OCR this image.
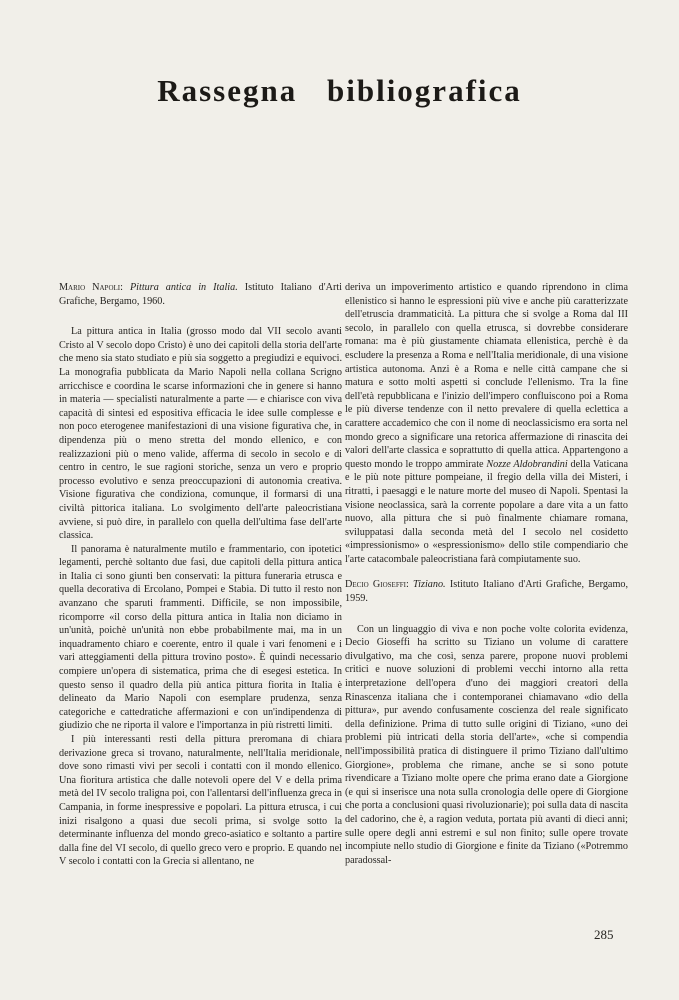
Rassegna bibliografica

Mario Napoli: Pittura antica in Italia. Istituto Italiano d'Arti Grafiche, Bergamo, 1960.

La pittura antica in Italia (grosso modo dal VII secolo avanti Cristo al V secolo dopo Cristo) è uno dei capitoli della storia dell'arte che meno sia stato studiato e più sia soggetto a pregiudizi e equivoci. La monografia pubblicata da Mario Napoli nella collana Scrigno arricchisce e coordina le scarse informazioni che in genere si hanno in materia — specialisti naturalmente a parte — e chiarisce con viva capacità di sintesi ed espositiva efficacia le idee sulle complesse e non poco eterogenee manifestazioni di una visione figurativa che, in dipendenza più o meno stretta del mondo ellenico, e con realizzazioni più o meno valide, afferma di secolo in secolo e di centro in centro, le sue ragioni storiche, senza un vero e proprio processo evolutivo e senza preoccupazioni di autonomia creativa. Visione figurativa che condiziona, comunque, il formarsi di una civiltà pittorica italiana. Lo svolgimento dell'arte paleocristiana avviene, si può dire, in parallelo con quella dell'ultima fase dell'arte classica.

Il panorama è naturalmente mutilo e frammentario, con ipotetici legamenti, perchè soltanto due fasi, due capitoli della pittura antica in Italia ci sono giunti ben conservati: la pittura funeraria etrusca e quella decorativa di Ercolano, Pompei e Stabia. Di tutto il resto non avanzano che sparuti frammenti. Difficile, se non impossibile, ricomporre «il corso della pittura antica in Italia non diciamo in un'unità, poichè un'unità non ebbe probabilmente mai, ma in un inquadramento chiaro e coerente, entro il quale i vari fenomeni e i vari atteggiamenti della pittura trovino posto». È quindi necessario compiere un'opera di sistematica, prima che di esegesi estetica. In questo senso il quadro della più antica pittura fiorita in Italia è delineato da Mario Napoli con esemplare prudenza, senza categoriche e cattedratiche affermazioni e con un'indipendenza di giudizio che ne riporta il valore e l'importanza in più ristretti limiti.

I più interessanti resti della pittura preromana di chiara derivazione greca si trovano, naturalmente, nell'Italia meridionale, dove sono rimasti vivi per secoli i contatti con il mondo ellenico. Una fioritura artistica che dalle notevoli opere del V e della prima metà del IV secolo traligna poi, con l'allentarsi dell'influenza greca in Campania, in forme inespressive e popolari. La pittura etrusca, i cui inizi risalgono a quasi due secoli prima, si svolge sotto la determinante influenza del mondo greco-asiatico e soltanto a partire dalla fine del VI secolo, di quello greco vero e proprio. E quando nel V secolo i contatti con la Grecia si allentano, ne

deriva un impoverimento artistico e quando riprendono in clima ellenistico si hanno le espressioni più vive e anche più caratterizzate dell'etruscia drammaticità. La pittura che si svolge a Roma dal III secolo, in parallelo con quella etrusca, si dovrebbe considerare romana: ma è più giustamente chiamata ellenistica, perchè è da escludere la presenza a Roma e nell'Italia meridionale, di una visione artistica autonoma. Anzi è a Roma e nelle città campane che si matura e sotto molti aspetti si conclude l'ellenismo. Tra la fine dell'età repubblicana e l'inizio dell'impero confluiscono poi a Roma le più diverse tendenze con il netto prevalere di quella eclettica a carattere accademico che con il nome di neoclassicismo era sorta nel mondo greco a significare una retorica affermazione di rinascita dei valori dell'arte classica e soprattutto di quella attica. Appartengono a questo mondo le troppo ammirate Nozze Aldobrandini della Vaticana e le più note pitture pompeiane, il fregio della villa dei Misteri, i ritratti, i paesaggi e le nature morte del museo di Napoli. Spentasi la visione neoclassica, sarà la corrente popolare a dare vita a un fatto nuovo, alla pittura che si può finalmente chiamare romana, sviluppatasi dalla seconda metà del I secolo nel cosidetto «impressionismo» o «espressionismo» dello stile compendiario che l'arte catacombale paleocristiana farà compiutamente suo.

Decio Gioseffi: Tiziano. Istituto Italiano d'Arti Grafiche, Bergamo, 1959.

Con un linguaggio di viva e non poche volte colorita evidenza, Decio Gioseffi ha scritto su Tiziano un volume di carattere divulgativo, ma che così, senza parere, propone nuovi problemi critici e nuove soluzioni di problemi vecchi intorno alla retta interpretazione dell'opera d'uno dei maggiori creatori della Rinascenza italiana che i contemporanei chiamavano «dio della pittura», pur avendo confusamente coscienza del reale significato della definizione. Prima di tutto sulle origini di Tiziano, «uno dei problemi più intricati della storia dell'arte», «che si compendia nell'impossibilità pratica di distinguere il primo Tiziano dall'ultimo Giorgione», problema che rimane, anche se si sono potute rivendicare a Tiziano molte opere che prima erano date a Giorgione (e qui si inserisce una nota sulla cronologia delle opere di Giorgione che porta a conclusioni quasi rivoluzionarie); poi sulla data di nascita del cadorino, che è, a ragion veduta, portata più avanti di dieci anni; sulle opere degli anni estremi e sul non finito; sulle opere trovate incompiute nello studio di Giorgione e finite da Tiziano («Potremmo paradossal-

285
